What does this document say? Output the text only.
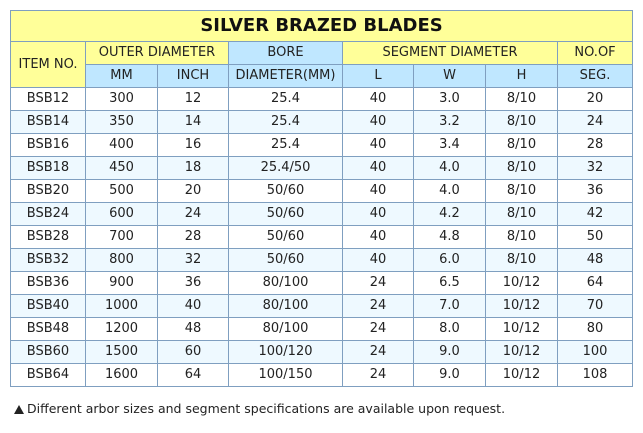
SILVER BRAZED BLADES							
ITEM NO.	OUTER DIAMETER		BORE	SEGMENT DIAMETER			NO.OF
	MM	INCH	DIAMETER(MM)	L	W	H	SEG.
BSB12	300	12	25.4	40	3.0	8/10	20
BSB14	350	14	25.4	40	3.2	8/10	24
BSB16	400	16	25.4	40	3.4	8/10	28
BSB18	450	18	25.4/50	40	4.0	8/10	32
BSB20	500	20	50/60	40	4.0	8/10	36
BSB24	600	24	50/60	40	4.2	8/10	42
BSB28	700	28	50/60	40	4.8	8/10	50
BSB32	800	32	50/60	40	6.0	8/10	48
BSB36	900	36	80/100	24	6.5	10/12	64
BSB40	1000	40	80/100	24	7.0	10/12	70
BSB48	1200	48	80/100	24	8.0	10/12	80
BSB60	1500	60	100/120	24	9.0	10/12	100
BSB64	1600	64	100/150	24	9.0	10/12	108
Different arbor sizes and segment specifications are available upon request.
